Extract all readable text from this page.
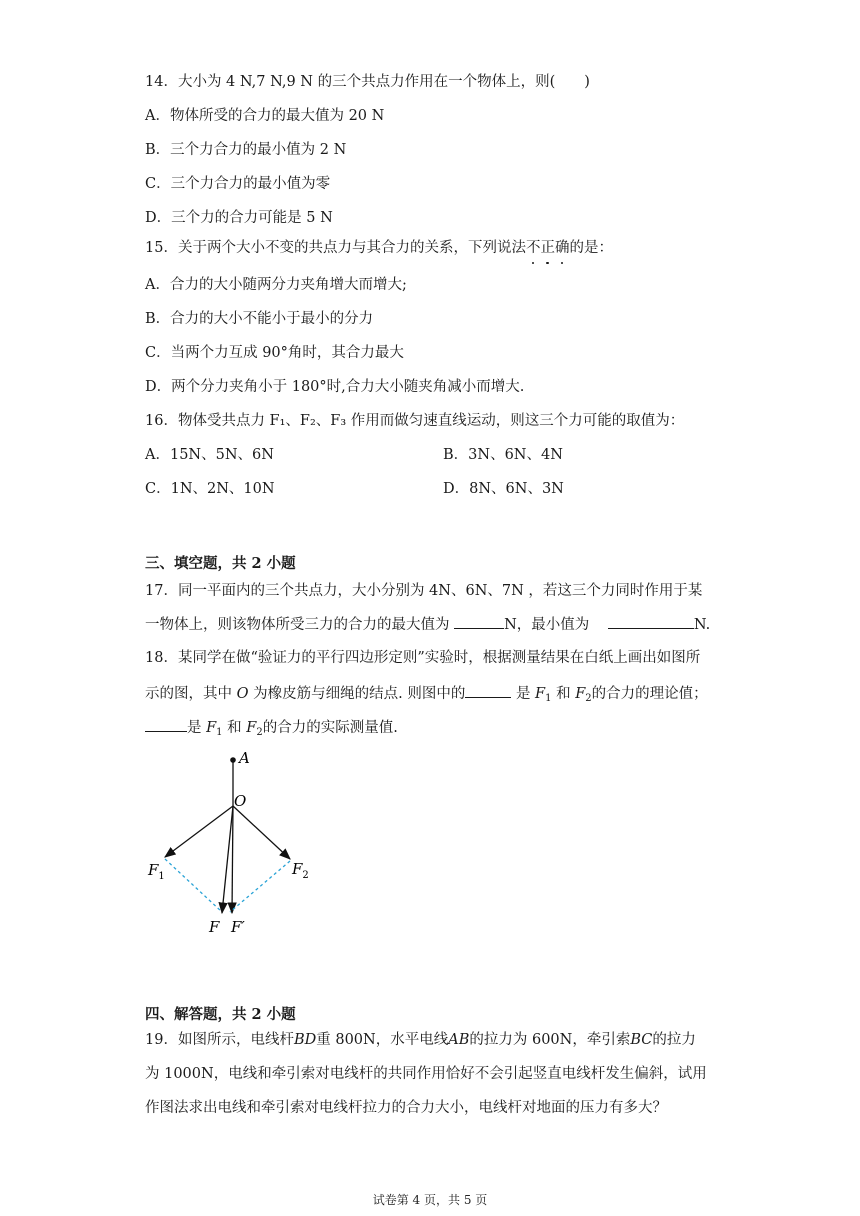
14．大小为 4 N,7 N,9 N 的三个共点力作用在一个物体上，则(　　)
A．物体所受的合力的最大值为 20 N
B．三个力合力的最小值为 2 N
C．三个力合力的最小值为零
D．三个力的合力可能是 5 N
15．关于两个大小不变的共点力与其合力的关系，下列说法不正确的是：
A．合力的大小随两分力夹角增大而增大;
B．合力的大小不能小于最小的分力
C．当两个力互成 90°角时，其合力最大
D．两个分力夹角小于 180°时,合力大小随夹角减小而增大.
16．物体受共点力 F₁、F₂、F₃ 作用而做匀速直线运动，则这三个力可能的取值为：
A．15N、5N、6N	B．3N、6N、4N
C．1N、2N、10N	D．8N、6N、3N
三、填空题，共 2 小题
17．同一平面内的三个共点力，大小分别为 4N、6N、7N ，若这三个力同时作用于某
一物体上，则该物体所受三力的合力的最大值为	N，最小值为	N.
18．某同学在做“验证力的平行四边形定则”实验时，根据测量结果在白纸上画出如图所
示的图，其中 O 为橡皮筋与细绳的结点. 则图中的	是 $F_1$ 和 $F_2$的合力的理论值；
是 $F_1$ 和 $F_2$的合力的实际测量值.
A
O
$F_1$	$F_2$
F F′
四、解答题，共 2 小题
19．如图所示，电线杆BD重 800N，水平电线AB的拉力为 600N，牵引索BC的拉力
为 1000N，电线和牵引索对电线杆的共同作用恰好不会引起竖直电线杆发生偏斜，试用
作图法求出电线和牵引索对电线杆拉力的合力大小，电线杆对地面的压力有多大？
试卷第 4 页，共 5 页
